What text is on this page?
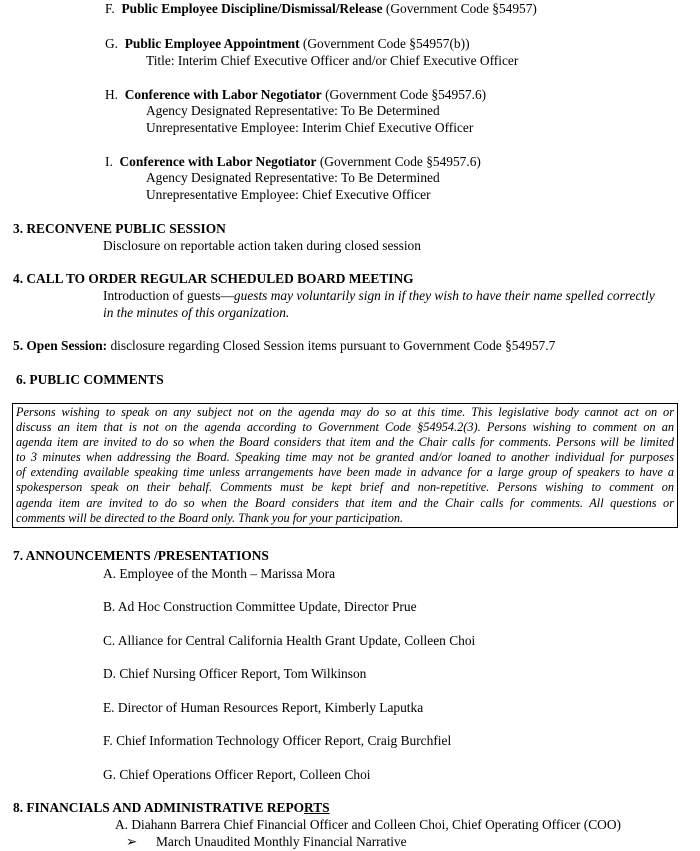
F. Public Employee Discipline/Dismissal/Release (Government Code §54957)
G. Public Employee Appointment (Government Code §54957(b))
Title: Interim Chief Executive Officer and/or Chief Executive Officer
H. Conference with Labor Negotiator (Government Code §54957.6)
Agency Designated Representative: To Be Determined
Unrepresentative Employee: Interim Chief Executive Officer
I. Conference with Labor Negotiator (Government Code §54957.6)
Agency Designated Representative: To Be Determined
Unrepresentative Employee: Chief Executive Officer
3. RECONVENE PUBLIC SESSION
Disclosure on reportable action taken during closed session
4. CALL TO ORDER REGULAR SCHEDULED BOARD MEETING
Introduction of guests—guests may voluntarily sign in if they wish to have their name spelled correctly
in the minutes of this organization.
5. Open Session: disclosure regarding Closed Session items pursuant to Government Code §54957.7
6. PUBLIC COMMENTS
Persons wishing to speak on any subject not on the agenda may do so at this time. This legislative body cannot act on or
discuss an item that is not on the agenda according to Government Code §54954.2(3). Persons wishing to comment on an
agenda item are invited to do so when the Board considers that item and the Chair calls for comments. Persons will be limited
to 3 minutes when addressing the Board. Speaking time may not be granted and/or loaned to another individual for purposes
of extending available speaking time unless arrangements have been made in advance for a large group of speakers to have a
spokesperson speak on their behalf. Comments must be kept brief and non-repetitive. Persons wishing to comment on
agenda item are invited to do so when the Board considers that item and the Chair calls for comments. All questions or
comments will be directed to the Board only. Thank you for your participation.
7. ANNOUNCEMENTS /PRESENTATIONS
A. Employee of the Month – Marissa Mora
B. Ad Hoc Construction Committee Update, Director Prue
C. Alliance for Central California Health Grant Update, Colleen Choi
D. Chief Nursing Officer Report, Tom Wilkinson
E. Director of Human Resources Report, Kimberly Laputka
F. Chief Information Technology Officer Report, Craig Burchfiel
G. Chief Operations Officer Report, Colleen Choi
8. FINANCIALS AND ADMINISTRATIVE REPORTS
A. Diahann Barrera Chief Financial Officer and Colleen Choi, Chief Operating Officer (COO)
➢ March Unaudited Monthly Financial Narrative
